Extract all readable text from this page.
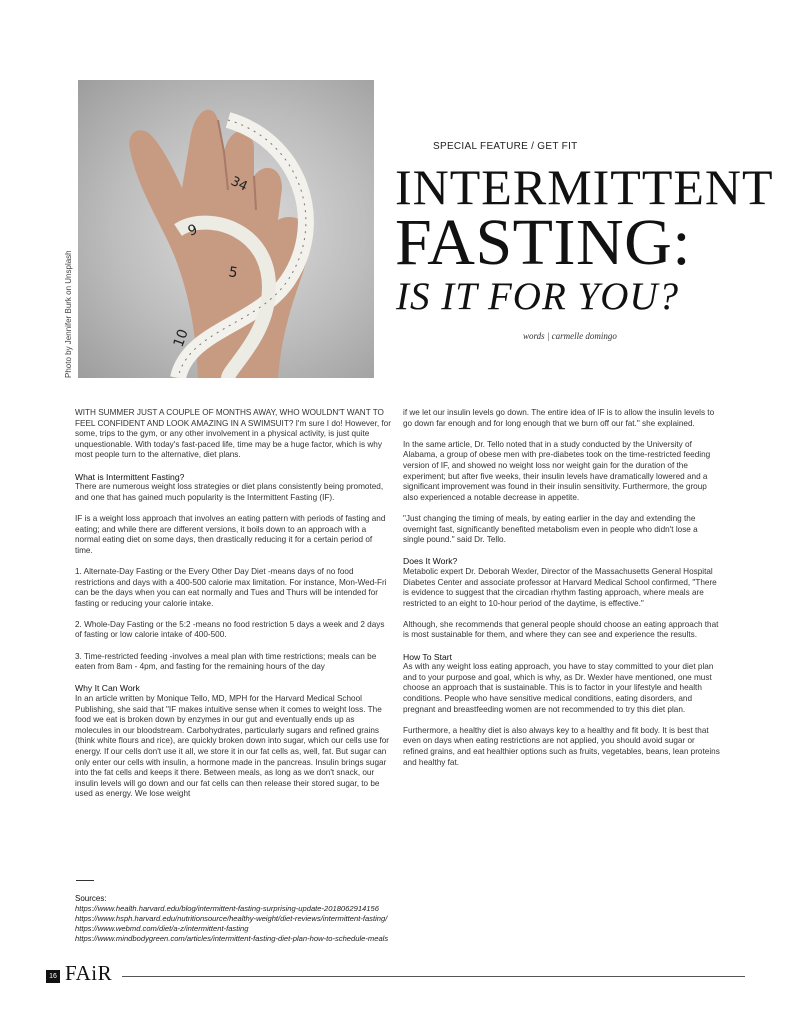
34
9
5
10
Photo by Jennifer Burk on Unsplash
SPECIAL FEATURE / GET FIT
INTERMITTENT
FASTING:
IS IT FOR YOU?
words | carmelle domingo

WITH SUMMER JUST A COUPLE OF MONTHS AWAY, WHO WOULDN'T WANT TO FEEL CONFIDENT AND LOOK AMAZING IN A SWIMSUIT? I'm sure I do! However, for some, trips to the gym, or any other involvement in a physical activity, is just quite unquestionable. With today's fast-paced life, time may be a huge factor, which is why most people turn to the alternative, diet plans.

What is Intermittent Fasting?

There are numerous weight loss strategies or diet plans consistently being promoted, and one that has gained much popularity is the Intermittent Fasting (IF).

IF is a weight loss approach that involves an eating pattern with periods of fasting and eating; and while there are different versions, it boils down to an approach with a normal eating diet on some days, then drastically reducing it for a certain period of time.

1. Alternate-Day Fasting or the Every Other Day Diet -means days of no food restrictions and days with a 400-500 calorie max limitation. For instance, Mon-Wed-Fri can be the days when you can eat normally and Tues and Thurs will be intended for fasting or reducing your calorie intake.

2. Whole-Day Fasting or the 5:2 -means no food restriction 5 days a week and 2 days of fasting or low calorie intake of 400-500.

3. Time-restricted feeding -involves a meal plan with time restrictions; meals can be eaten from 8am - 4pm, and fasting for the remaining hours of the day

Why It Can Work

In an article written by Monique Tello, MD, MPH for the Harvard Medical School Publishing, she said that "IF makes intuitive sense when it comes to weight loss. The food we eat is broken down by enzymes in our gut and eventually ends up as molecules in our bloodstream. Carbohydrates, particularly sugars and refined grains (think white flours and rice), are quickly broken down into sugar, which our cells use for energy. If our cells don't use it all, we store it in our fat cells as, well, fat. But sugar can only enter our cells with insulin, a hormone made in the pancreas. Insulin brings sugar into the fat cells and keeps it there. Between meals, as long as we don't snack, our insulin levels will go down and our fat cells can then release their stored sugar, to be used as energy. We lose weight

if we let our insulin levels go down. The entire idea of IF is to allow the insulin levels to go down far enough and for long enough that we burn off our fat." she explained.

In the same article, Dr. Tello noted that in a study conducted by the University of Alabama, a group of obese men with pre-diabetes took on the time-restricted feeding version of IF, and showed no weight loss nor weight gain for the duration of the experiment; but after five weeks, their insulin levels have dramatically lowered and a significant improvement was found in their insulin sensitivity. Furthermore, the group also experienced a notable decrease in appetite.

"Just changing the timing of meals, by eating earlier in the day and extending the overnight fast, significantly benefited metabolism even in people who didn't lose a single pound." said Dr. Tello.

Does It Work?

Metabolic expert Dr. Deborah Wexler, Director of the Massachusetts General Hospital Diabetes Center and associate professor at Harvard Medical School confirmed, "There is evidence to suggest that the circadian rhythm fasting approach, where meals are restricted to an eight to 10-hour period of the daytime, is effective."

Although, she recommends that general people should choose an eating approach that is most sustainable for them, and where they can see and experience the results.

How To Start

As with any weight loss eating approach, you have to stay committed to your diet plan and to your purpose and goal, which is why, as Dr. Wexler have mentioned, one must choose an approach that is sustainable. This is to factor in your lifestyle and health conditions. People who have sensitive medical conditions, eating disorders, and pregnant and breastfeeding women are not recommended to try this diet plan.

Furthermore, a healthy diet is also always key to a healthy and fit body. It is best that even on days when eating restrictions are not applied, you should avoid sugar or refined grains, and eat healthier options such as fruits, vegetables, beans, lean proteins and healthy fat.

Sources:
https://www.health.harvard.edu/blog/intermittent-fasting-surprising-update-2018062914156
https://www.hsph.harvard.edu/nutritionsource/healthy-weight/diet-reviews/intermittent-fasting/
https://www.webmd.com/diet/a-z/intermittent-fasting
https://www.mindbodygreen.com/articles/intermittent-fasting-diet-plan-how-to-schedule-meals
16 FAiR
